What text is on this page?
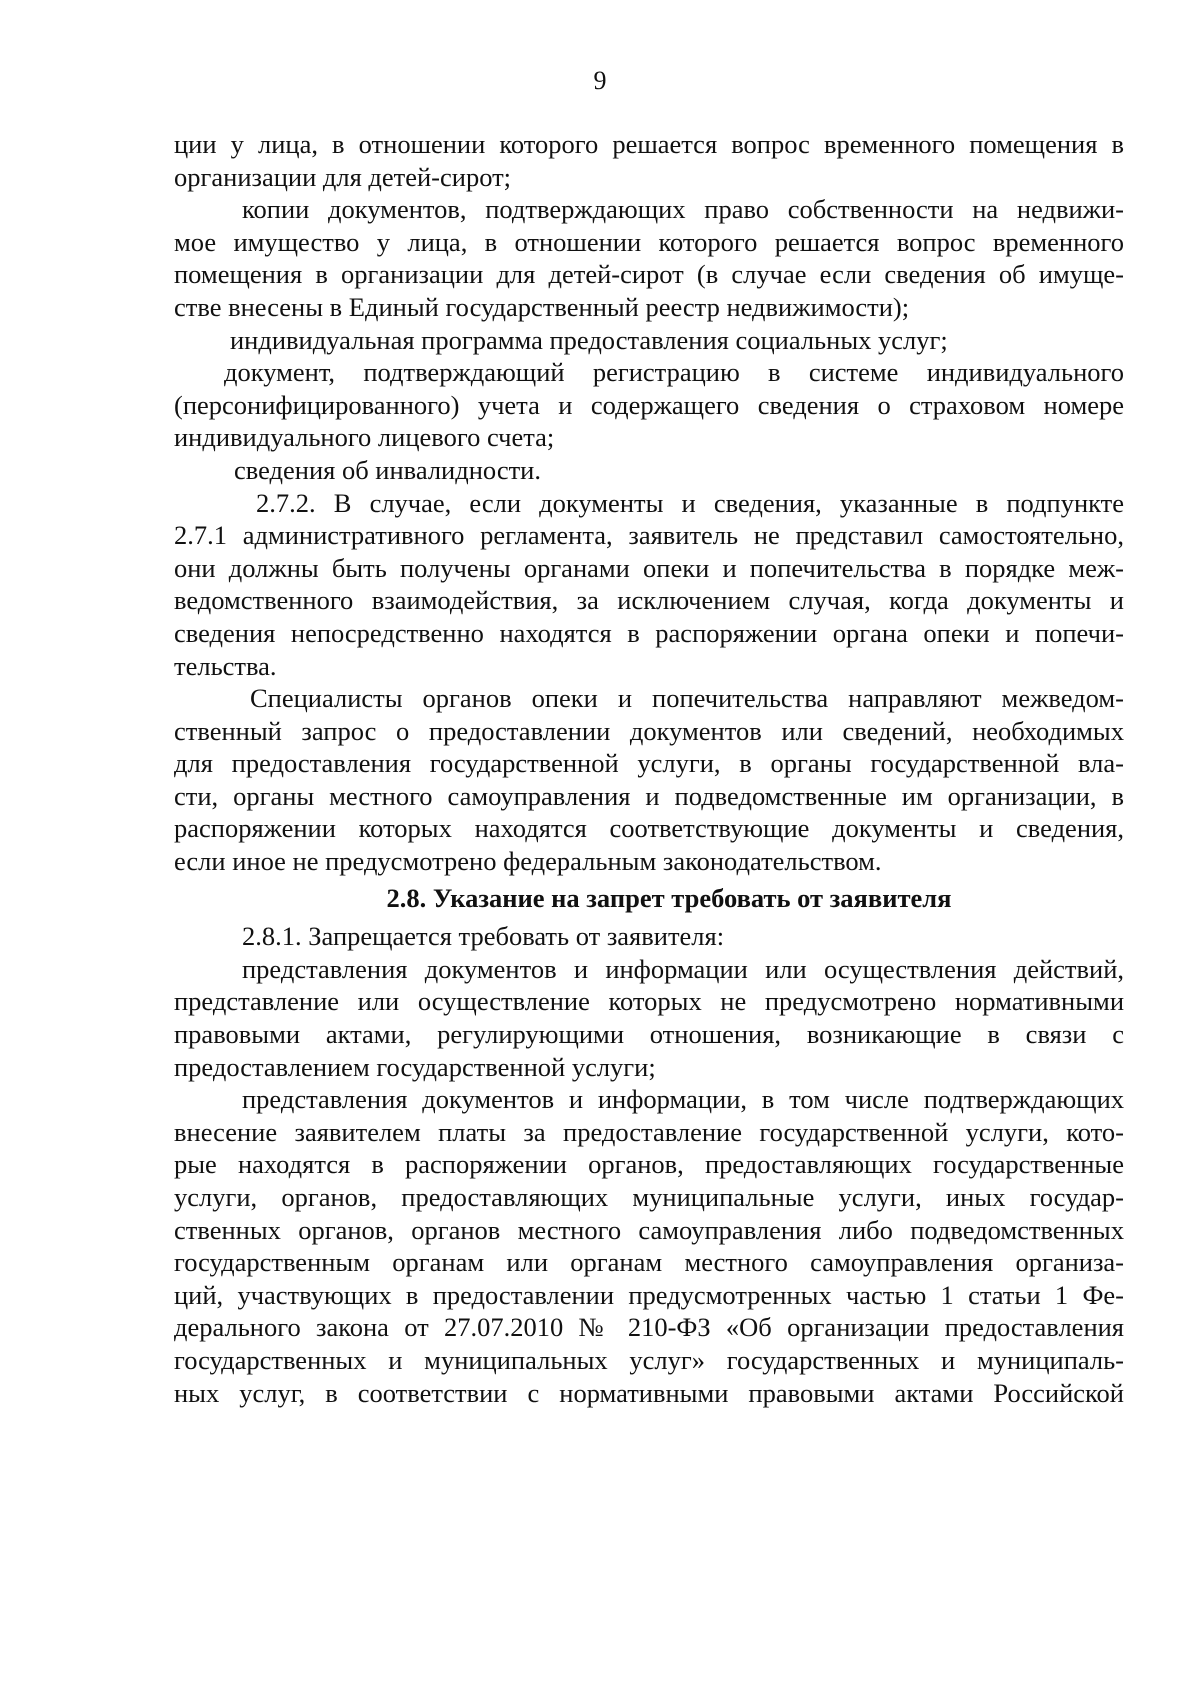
9
ции у лица, в отношении которого решается вопрос временного помещения в
организации для детей-сирот;
копии документов, подтверждающих право собственности на недвижи-
мое имущество у лица, в отношении которого решается вопрос временного
помещения в организации для детей-сирот (в случае если сведения об имуще-
стве внесены в Единый государственный реестр недвижимости);
индивидуальная программа предоставления социальных услуг;
документ, подтверждающий регистрацию в системе индивидуального
(персонифицированного) учета и содержащего сведения о страховом номере
индивидуального лицевого счета;
сведения об инвалидности.
2.7.2. В случае, если документы и сведения, указанные в подпункте
2.7.1 административного регламента, заявитель не представил самостоятельно,
они должны быть получены органами опеки и попечительства в порядке меж-
ведомственного взаимодействия, за исключением случая, когда документы и
сведения непосредственно находятся в распоряжении органа опеки и попечи-
тельства.
Специалисты органов опеки и попечительства направляют межведом-
ственный запрос о предоставлении документов или сведений, необходимых
для предоставления государственной услуги, в органы государственной вла-
сти, органы местного самоуправления и подведомственные им организации, в
распоряжении которых находятся соответствующие документы и сведения,
если иное не предусмотрено федеральным законодательством.
2.8. Указание на запрет требовать от заявителя
2.8.1. Запрещается требовать от заявителя:
представления документов и информации или осуществления действий,
представление или осуществление которых не предусмотрено нормативными
правовыми актами, регулирующими отношения, возникающие в связи с
предоставлением государственной услуги;
представления документов и информации, в том числе подтверждающих
внесение заявителем платы за предоставление государственной услуги, кото-
рые находятся в распоряжении органов, предоставляющих государственные
услуги, органов, предоставляющих муниципальные услуги, иных государ-
ственных органов, органов местного самоуправления либо подведомственных
государственным органам или органам местного самоуправления организа-
ций, участвующих в предоставлении предусмотренных частью 1 статьи 1 Фе-
дерального закона от 27.07.2010 № 210-ФЗ «Об организации предоставления
государственных и муниципальных услуг» государственных и муниципаль-
ных услуг, в соответствии с нормативными правовыми актами Российской
